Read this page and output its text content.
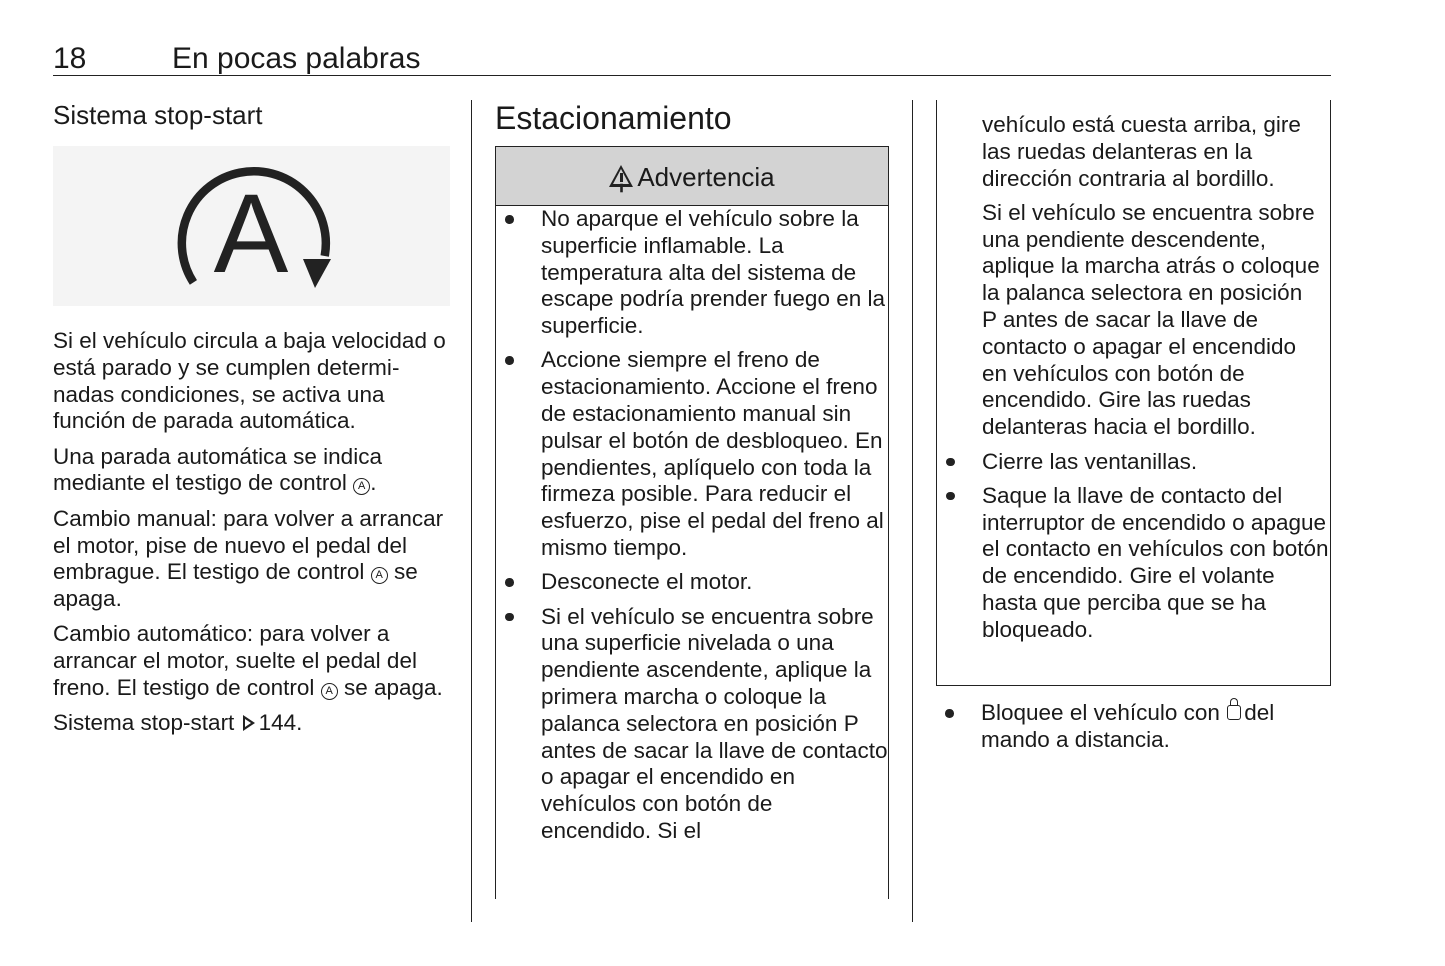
18	En pocas palabras
Sistema stop-start
A

Si el vehículo circula a baja velocidad o está parado y se cumplen determinadas condiciones, se activa una función de parada automática.

Una parada automática se indica mediante el testigo de control A .

Cambio manual: para volver a arrancar el motor, pise de nuevo el pedal del embrague. El testigo de control A se apaga.

Cambio automático: para volver a arrancar el motor, suelte el pedal del freno. El testigo de control A se apaga.

Sistema stop-start 144.

Estacionamiento
Advertencia
No aparque el vehículo sobre la superficie inflamable. La temperatura alta del sistema de escape podría prender fuego en la superficie.
Accione siempre el freno de estacionamiento. Accione el freno de estacionamiento manual sin pulsar el botón de desbloqueo. En pendientes, aplíquelo con toda la firmeza posible. Para reducir el esfuerzo, pise el pedal del freno al mismo tiempo.
Desconecte el motor.
Si el vehículo se encuentra sobre una superficie nivelada o una pendiente ascendente, aplique la primera marcha o coloque la palanca selectora en posición P antes de sacar la llave de contacto o apagar el encendido en vehículos con botón de encendido. Si el

vehículo está cuesta arriba, gire las ruedas delanteras en la dirección contraria al bordillo.

Si el vehículo se encuentra sobre una pendiente descendente, aplique la marcha atrás o coloque la palanca selectora en posición P antes de sacar la llave de contacto o apagar el encendido en vehículos con botón de encendido. Gire las ruedas delanteras hacia el bordillo.

Cierre las ventanillas.
Saque la llave de contacto del interruptor de encendido o apague el contacto en vehículos con botón de encendido. Gire el volante hasta que perciba que se ha bloqueado.
Bloquee el vehículo con del mando a distancia.
